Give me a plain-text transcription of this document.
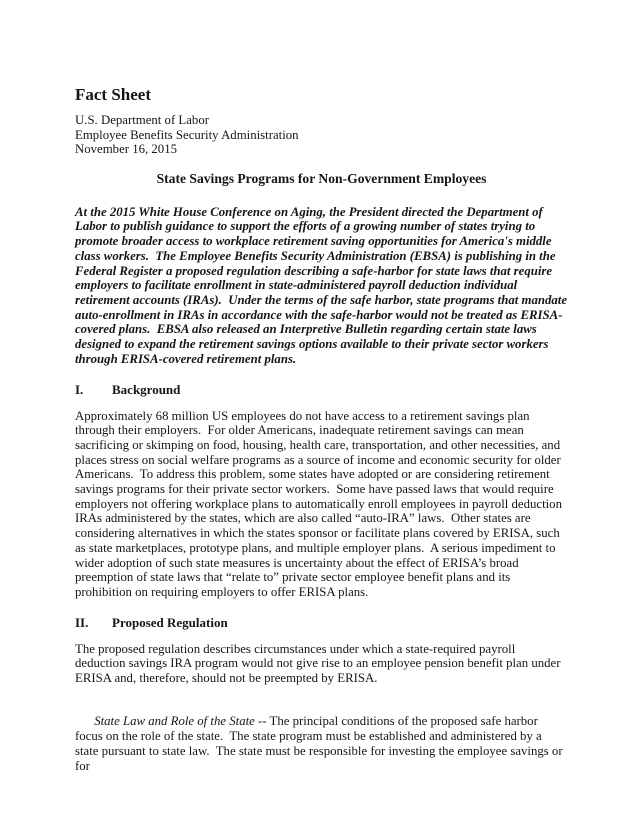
Fact Sheet
U.S. Department of Labor
Employee Benefits Security Administration
November 16, 2015
State Savings Programs for Non-Government Employees

At the 2015 White House Conference on Aging, the President directed the Department of Labor to publish guidance to support the efforts of a growing number of states trying to promote broader access to workplace retirement saving opportunities for America's middle class workers.  The Employee Benefits Security Administration (EBSA) is publishing in the Federal Register a proposed regulation describing a safe-harbor for state laws that require employers to facilitate enrollment in state-administered payroll deduction individual retirement accounts (IRAs).  Under the terms of the safe harbor, state programs that mandate auto-enrollment in IRAs in accordance with the safe-harbor would not be treated as ERISA-covered plans.  EBSA also released an Interpretive Bulletin regarding certain state laws designed to expand the retirement savings options available to their private sector workers through ERISA-covered retirement plans.

I.	Background

Approximately 68 million US employees do not have access to a retirement savings plan through their employers.  For older Americans, inadequate retirement savings can mean sacrificing or skimping on food, housing, health care, transportation, and other necessities, and places stress on social welfare programs as a source of income and economic security for older Americans.  To address this problem, some states have adopted or are considering retirement savings programs for their private sector workers.  Some have passed laws that would require employers not offering workplace plans to automatically enroll employees in payroll deduction IRAs administered by the states, which are also called “auto-IRA” laws.  Other states are considering alternatives in which the states sponsor or facilitate plans covered by ERISA, such as state marketplaces, prototype plans, and multiple employer plans.  A serious impediment to wider adoption of such state measures is uncertainty about the effect of ERISA’s broad preemption of state laws that “relate to” private sector employee benefit plans and its prohibition on requiring employers to offer ERISA plans.

II.	Proposed Regulation

The proposed regulation describes circumstances under which a state-required payroll deduction savings IRA program would not give rise to an employee pension benefit plan under ERISA and, therefore, should not be preempted by ERISA.

State Law and Role of the State -- The principal conditions of the proposed safe harbor focus on the role of the state.  The state program must be established and administered by a state pursuant to state law.  The state must be responsible for investing the employee savings or for
